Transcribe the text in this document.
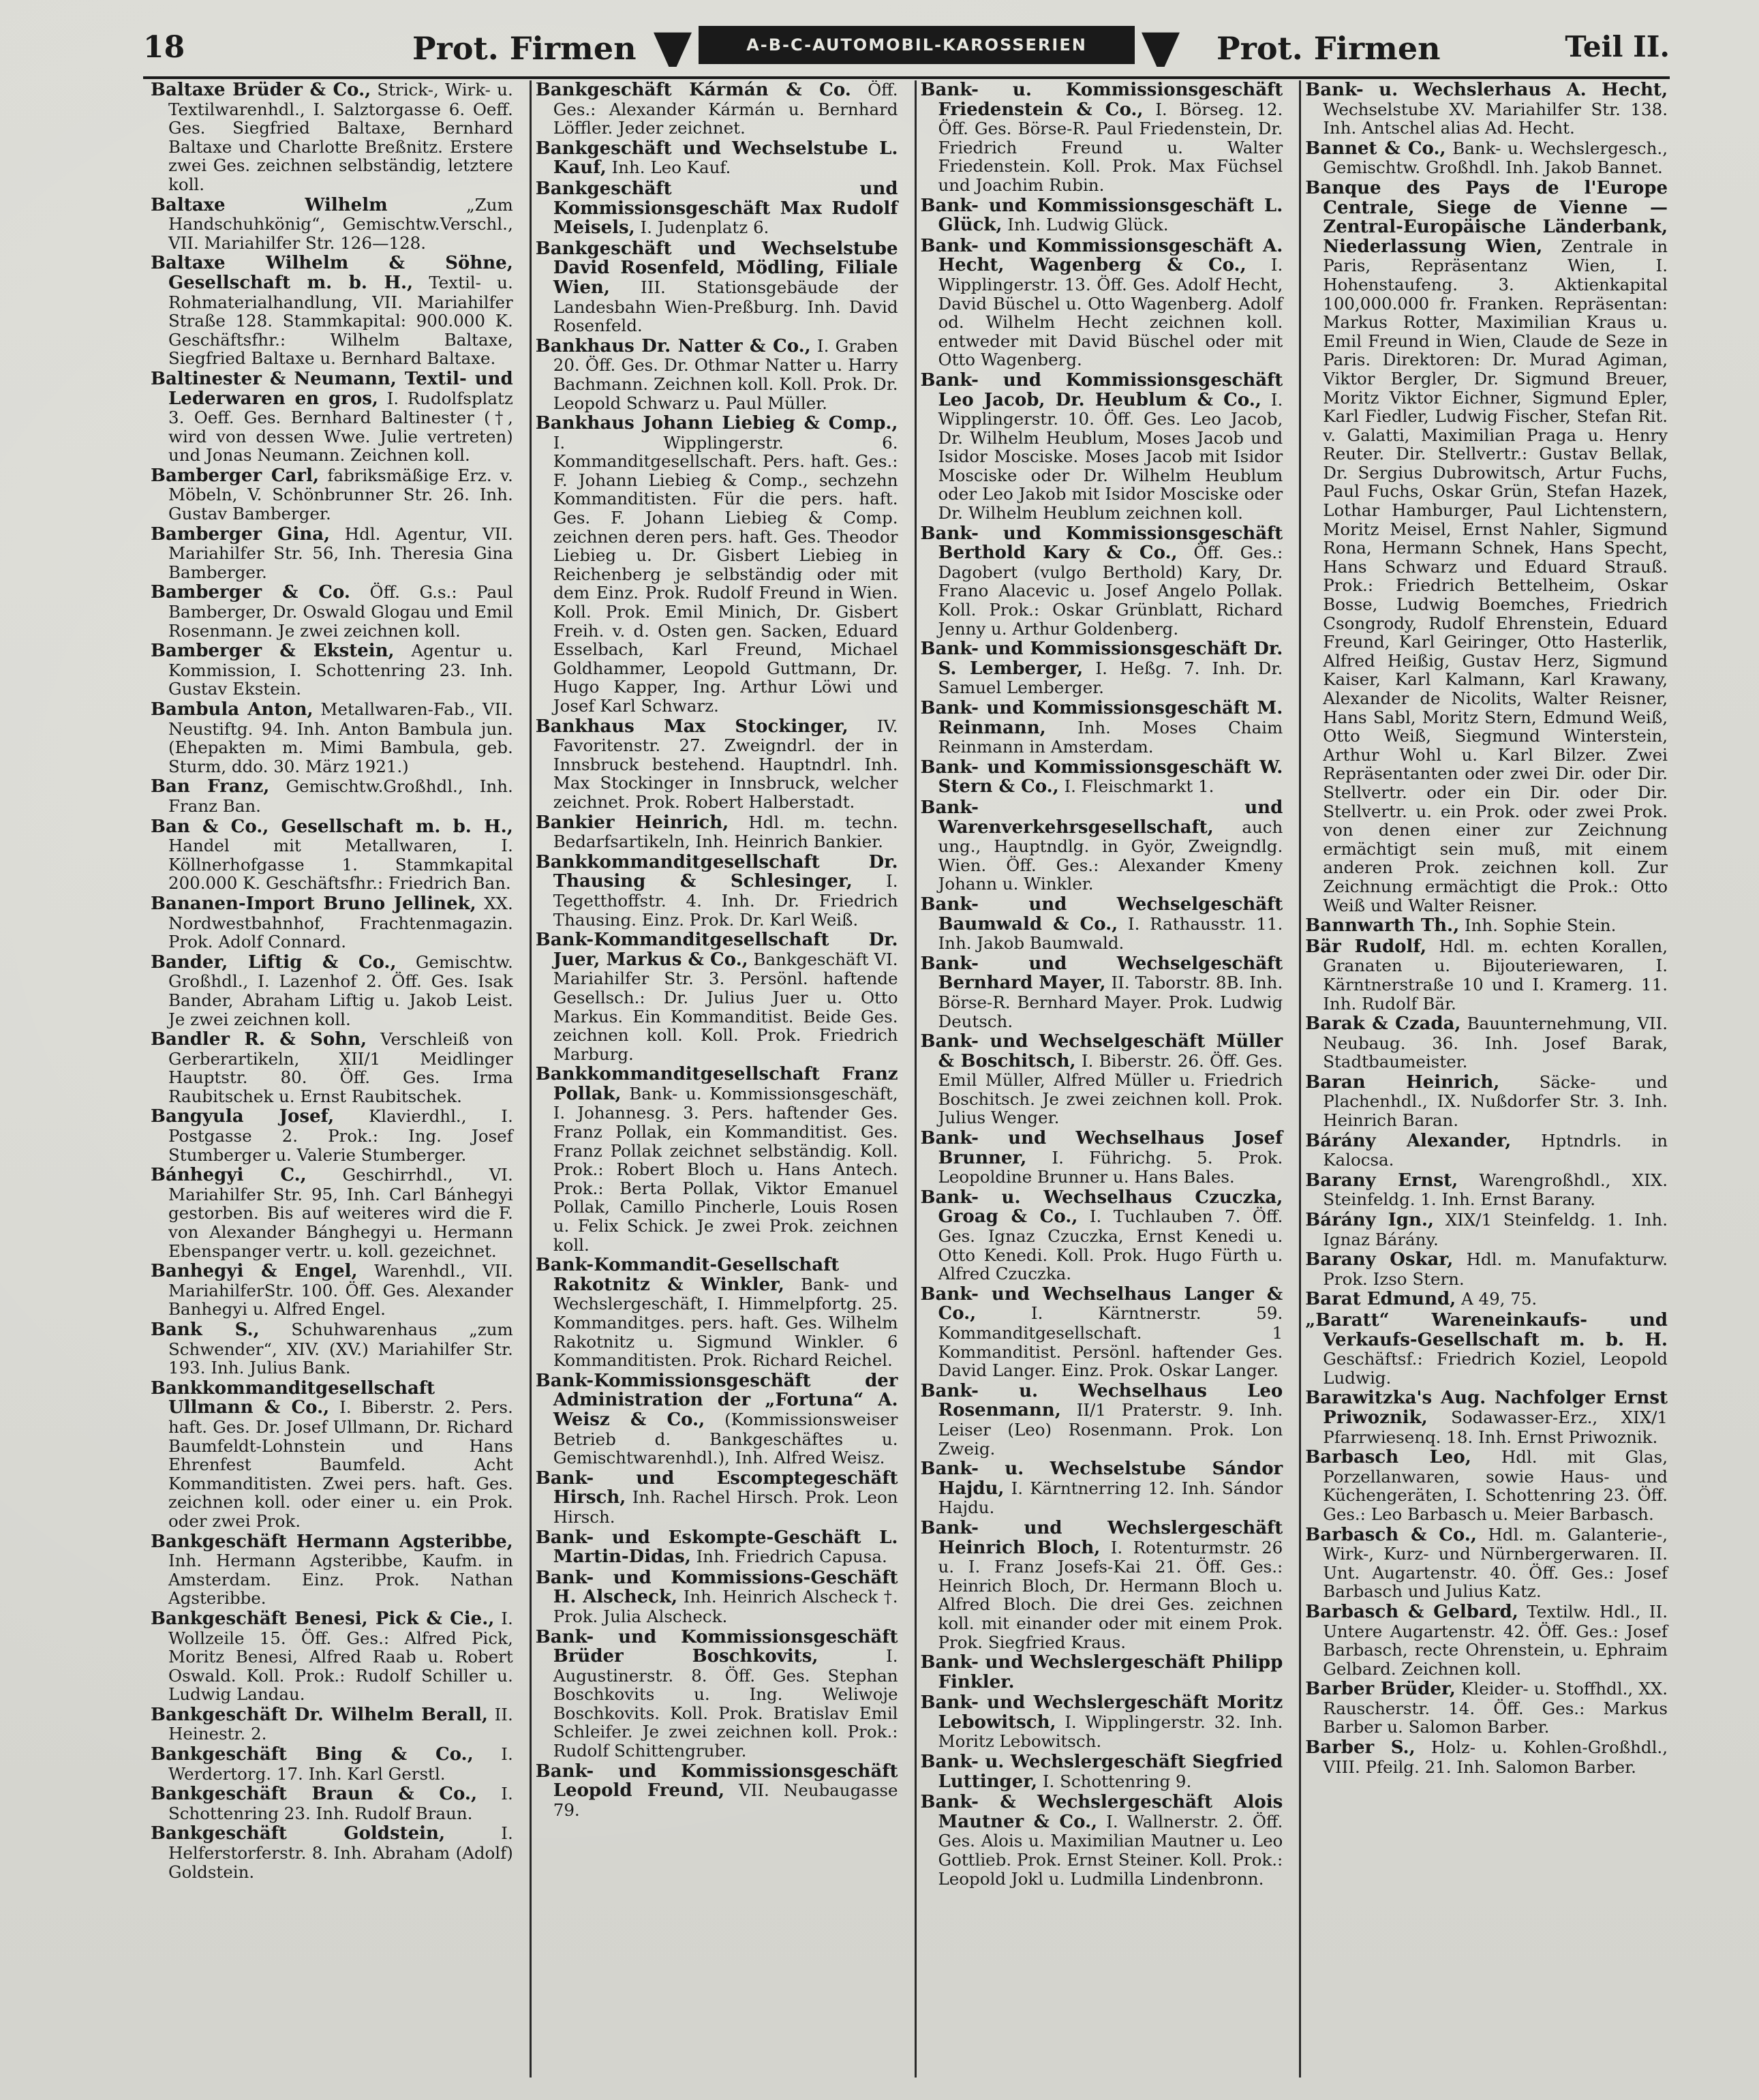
18	Prot. Firmen	A-B-C-AUTOMOBIL-KAROSSERIEN	Prot. Firmen	Teil II.

Baltaxe Brüder & Co., Strick-, Wirk- u. Textilwarenhdl., I. Salztorgasse 6. Oeff. Ges. Siegfried Baltaxe, Bernhard Baltaxe und Charlotte Breßnitz. Erstere zwei Ges. zeichnen selbständig, letztere koll.

Baltaxe Wilhelm „Zum Handschuhkönig“, Gemischtw.Verschl., VII. Mariahilfer Str. 126—128.

Baltaxe Wilhelm & Söhne, Gesellschaft m. b. H., Textil- u. Rohmaterialhandlung, VII. Mariahilfer Straße 128. Stammkapital: 900.000 K. Geschäftsfhr.: Wilhelm Baltaxe, Siegfried Baltaxe u. Bernhard Baltaxe.

Baltinester & Neumann, Textil- und Lederwaren en gros, I. Rudolfsplatz 3. Oeff. Ges. Bernhard Baltinester (†, wird von dessen Wwe. Julie vertreten) und Jonas Neumann. Zeichnen koll.

Bamberger Carl, fabriksmäßige Erz. v. Möbeln, V. Schönbrunner Str. 26. Inh. Gustav Bamberger.

Bamberger Gina, Hdl. Agentur, VII. Mariahilfer Str. 56, Inh. Theresia Gina Bamberger.

Bamberger & Co. Öff. G.s.: Paul Bamberger, Dr. Oswald Glogau und Emil Rosenmann. Je zwei zeichnen koll.

Bamberger & Ekstein, Agentur u. Kommission, I. Schottenring 23. Inh. Gustav Ekstein.

Bambula Anton, Metallwaren-Fab., VII. Neustiftg. 94. Inh. Anton Bambula jun. (Ehepakten m. Mimi Bambula, geb. Sturm, ddo. 30. März 1921.)

Ban Franz, Gemischtw.Großhdl., Inh. Franz Ban.

Ban & Co., Gesellschaft m. b. H., Handel mit Metallwaren, I. Köllnerhofgasse 1. Stammkapital 200.000 K. Geschäftsfhr.: Friedrich Ban.

Bananen-Import Bruno Jellinek, XX. Nordwestbahnhof, Frachtenmagazin. Prok. Adolf Connard.

Bander, Liftig & Co., Gemischtw. Großhdl., I. Lazenhof 2. Öff. Ges. Isak Bander, Abraham Liftig u. Jakob Leist. Je zwei zeichnen koll.

Bandler R. & Sohn, Verschleiß von Gerberartikeln, XII/1 Meidlinger Hauptstr. 80. Öff. Ges. Irma Raubitschek u. Ernst Raubitschek.

Bangyula Josef, Klavierdhl., I. Postgasse 2. Prok.: Ing. Josef Stumberger u. Valerie Stumberger.

Bánhegyi C., Geschirrhdl., VI. Mariahilfer Str. 95, Inh. Carl Bánhegyi gestorben. Bis auf weiteres wird die F. von Alexander Bánghegyi u. Hermann Ebenspanger vertr. u. koll. gezeichnet.

Banhegyi & Engel, Warenhdl., VII. MariahilferStr. 100. Öff. Ges. Alexander Banhegyi u. Alfred Engel.

Bank S., Schuhwarenhaus „zum Schwender“, XIV. (XV.) Mariahilfer Str. 193. Inh. Julius Bank.

Bankkommanditgesellschaft Ullmann & Co., I. Biberstr. 2. Pers. haft. Ges. Dr. Josef Ullmann, Dr. Richard Baumfeldt-Lohnstein und Hans Ehrenfest Baumfeld. Acht Kommanditisten. Zwei pers. haft. Ges. zeichnen koll. oder einer u. ein Prok. oder zwei Prok.

Bankgeschäft Hermann Agsteribbe, Inh. Hermann Agsteribbe, Kaufm. in Amsterdam. Einz. Prok. Nathan Agsteribbe.

Bankgeschäft Benesi, Pick & Cie., I. Wollzeile 15. Öff. Ges.: Alfred Pick, Moritz Benesi, Alfred Raab u. Robert Oswald. Koll. Prok.: Rudolf Schiller u. Ludwig Landau.

Bankgeschäft Dr. Wilhelm Berall, II. Heinestr. 2.

Bankgeschäft Bing & Co., I. Werdertorg. 17. Inh. Karl Gerstl.

Bankgeschäft Braun & Co., I. Schottenring 23. Inh. Rudolf Braun.

Bankgeschäft Goldstein, I. Helferstorferstr. 8. Inh. Abraham (Adolf) Goldstein.

Bankgeschäft Kármán & Co. Öff. Ges.: Alexander Kármán u. Bernhard Löffler. Jeder zeichnet.

Bankgeschäft und Wechselstube L. Kauf, Inh. Leo Kauf.

Bankgeschäft und Kommissionsgeschäft Max Rudolf Meisels, I. Judenplatz 6.

Bankgeschäft und Wechselstube David Rosenfeld, Mödling, Filiale Wien, III. Stationsgebäude der Landesbahn Wien-Preßburg. Inh. David Rosenfeld.

Bankhaus Dr. Natter & Co., I. Graben 20. Öff. Ges. Dr. Othmar Natter u. Harry Bachmann. Zeichnen koll. Koll. Prok. Dr. Leopold Schwarz u. Paul Müller.

Bankhaus Johann Liebieg & Comp., I. Wipplingerstr. 6. Kommanditgesellschaft. Pers. haft. Ges.: F. Johann Liebieg & Comp., sechzehn Kommanditisten. Für die pers. haft. Ges. F. Johann Liebieg & Comp. zeichnen deren pers. haft. Ges. Theodor Liebieg u. Dr. Gisbert Liebieg in Reichenberg je selbständig oder mit dem Einz. Prok. Rudolf Freund in Wien. Koll. Prok. Emil Minich, Dr. Gisbert Freih. v. d. Osten gen. Sacken, Eduard Esselbach, Karl Freund, Michael Goldhammer, Leopold Guttmann, Dr. Hugo Kapper, Ing. Arthur Löwi und Josef Karl Schwarz.

Bankhaus Max Stockinger, IV. Favoritenstr. 27. Zweigndrl. der in Innsbruck bestehend. Hauptndrl. Inh. Max Stockinger in Innsbruck, welcher zeichnet. Prok. Robert Halberstadt.

Bankier Heinrich, Hdl. m. techn. Bedarfsartikeln, Inh. Heinrich Bankier.

Bankkommanditgesellschaft Dr. Thausing & Schlesinger, I. Tegetthoffstr. 4. Inh. Dr. Friedrich Thausing. Einz. Prok. Dr. Karl Weiß.

Bank-Kommanditgesellschaft Dr. Juer, Markus & Co., Bankgeschäft VI. Mariahilfer Str. 3. Persönl. haftende Gesellsch.: Dr. Julius Juer u. Otto Markus. Ein Kommanditist. Beide Ges. zeichnen koll. Koll. Prok. Friedrich Marburg.

Bankkommanditgesellschaft Franz Pollak, Bank- u. Kommissionsgeschäft, I. Johannesg. 3. Pers. haftender Ges. Franz Pollak, ein Kommanditist. Ges. Franz Pollak zeichnet selbständig. Koll. Prok.: Robert Bloch u. Hans Antech. Prok.: Berta Pollak, Viktor Emanuel Pollak, Camillo Pincherle, Louis Rosen u. Felix Schick. Je zwei Prok. zeichnen koll.

Bank-Kommandit-Gesellschaft Rakotnitz & Winkler, Bank- und Wechslergeschäft, I. Himmelpfortg. 25. Kommanditges. pers. haft. Ges. Wilhelm Rakotnitz u. Sigmund Winkler. 6 Kommanditisten. Prok. Richard Reichel.

Bank-Kommissionsgeschäft der Administration der „Fortuna“ A. Weisz & Co., (Kommissionsweiser Betrieb d. Bankgeschäftes u. Gemischtwarenhdl.), Inh. Alfred Weisz.

Bank- und Escomptegeschäft Hirsch, Inh. Rachel Hirsch. Prok. Leon Hirsch.

Bank- und Eskompte-Geschäft L. Martin-Didas, Inh. Friedrich Capusa.

Bank- und Kommissions-Geschäft H. Alscheck, Inh. Heinrich Alscheck †. Prok. Julia Alscheck.

Bank- und Kommissionsgeschäft Brüder Boschkovits, I. Augustinerstr. 8. Öff. Ges. Stephan Boschkovits u. Ing. Weliwoje Boschkovits. Koll. Prok. Bratislav Emil Schleifer. Je zwei zeichnen koll. Prok.: Rudolf Schittengruber.

Bank- und Kommissionsgeschäft Leopold Freund, VII. Neubaugasse 79.

Bank- u. Kommissionsgeschäft Friedenstein & Co., I. Börseg. 12. Öff. Ges. Börse-R. Paul Friedenstein, Dr. Friedrich Freund u. Walter Friedenstein. Koll. Prok. Max Füchsel und Joachim Rubin.

Bank- und Kommissionsgeschäft L. Glück, Inh. Ludwig Glück.

Bank- und Kommissionsgeschäft A. Hecht, Wagenberg & Co., I. Wipplingerstr. 13. Öff. Ges. Adolf Hecht, David Büschel u. Otto Wagenberg. Adolf od. Wilhelm Hecht zeichnen koll. entweder mit David Büschel oder mit Otto Wagenberg.

Bank- und Kommissionsgeschäft Leo Jacob, Dr. Heublum & Co., I. Wipplingerstr. 10. Öff. Ges. Leo Jacob, Dr. Wilhelm Heublum, Moses Jacob und Isidor Mosciske. Moses Jacob mit Isidor Mosciske oder Dr. Wilhelm Heublum oder Leo Jakob mit Isidor Mosciske oder Dr. Wilhelm Heublum zeichnen koll.

Bank- und Kommissionsgeschäft Berthold Kary & Co., Öff. Ges.: Dagobert (vulgo Berthold) Kary, Dr. Frano Alacevic u. Josef Angelo Pollak. Koll. Prok.: Oskar Grünblatt, Richard Jenny u. Arthur Goldenberg.

Bank- und Kommissionsgeschäft Dr. S. Lemberger, I. Heßg. 7. Inh. Dr. Samuel Lemberger.

Bank- und Kommissionsgeschäft M. Reinmann, Inh. Moses Chaim Reinmann in Amsterdam.

Bank- und Kommissionsgeschäft W. Stern & Co., I. Fleischmarkt 1.

Bank- und Warenverkehrsgesellschaft, auch ung., Hauptndlg. in Györ, Zweigndlg. Wien. Öff. Ges.: Alexander Kmeny Johann u. Winkler.

Bank- und Wechselgeschäft Baumwald & Co., I. Rathausstr. 11. Inh. Jakob Baumwald.

Bank- und Wechselgeschäft Bernhard Mayer, II. Taborstr. 8B. Inh. Börse-R. Bernhard Mayer. Prok. Ludwig Deutsch.

Bank- und Wechselgeschäft Müller & Boschitsch, I. Biberstr. 26. Öff. Ges. Emil Müller, Alfred Müller u. Friedrich Boschitsch. Je zwei zeichnen koll. Prok. Julius Wenger.

Bank- und Wechselhaus Josef Brunner, I. Führichg. 5. Prok. Leopoldine Brunner u. Hans Bales.

Bank- u. Wechselhaus Czuczka, Groag & Co., I. Tuchlauben 7. Öff. Ges. Ignaz Czuczka, Ernst Kenedi u. Otto Kenedi. Koll. Prok. Hugo Fürth u. Alfred Czuczka.

Bank- und Wechselhaus Langer & Co., I. Kärntnerstr. 59. Kommanditgesellschaft. 1 Kommanditist. Persönl. haftender Ges. David Langer. Einz. Prok. Oskar Langer.

Bank- u. Wechselhaus Leo Rosenmann, II/1 Praterstr. 9. Inh. Leiser (Leo) Rosenmann. Prok. Lon Zweig.

Bank- u. Wechselstube Sándor Hajdu, I. Kärntnerring 12. Inh. Sándor Hajdu.

Bank- und Wechslergeschäft Heinrich Bloch, I. Rotenturmstr. 26 u. I. Franz Josefs-Kai 21. Öff. Ges.: Heinrich Bloch, Dr. Hermann Bloch u. Alfred Bloch. Die drei Ges. zeichnen koll. mit einander oder mit einem Prok. Prok. Siegfried Kraus.

Bank- und Wechslergeschäft Philipp Finkler.

Bank- und Wechslergeschäft Moritz Lebowitsch, I. Wipplingerstr. 32. Inh. Moritz Lebowitsch.

Bank- u. Wechslergeschäft Siegfried Luttinger, I. Schottenring 9.

Bank- & Wechslergeschäft Alois Mautner & Co., I. Wallnerstr. 2. Öff. Ges. Alois u. Maximilian Mautner u. Leo Gottlieb. Prok. Ernst Steiner. Koll. Prok.: Leopold Jokl u. Ludmilla Lindenbronn.

Bank- u. Wechslerhaus A. Hecht, Wechselstube XV. Mariahilfer Str. 138. Inh. Antschel alias Ad. Hecht.

Bannet & Co., Bank- u. Wechslergesch., Gemischtw. Großhdl. Inh. Jakob Bannet.

Banque des Pays de l'Europe Centrale, Siege de Vienne — Zentral-Europäische Länderbank, Niederlassung Wien, Zentrale in Paris, Repräsentanz Wien, I. Hohenstaufeng. 3. Aktienkapital 100,000.000 fr. Franken. Repräsentan: Markus Rotter, Maximilian Kraus u. Emil Freund in Wien, Claude de Seze in Paris. Direktoren: Dr. Murad Agiman, Viktor Bergler, Dr. Sigmund Breuer, Moritz Viktor Eichner, Sigmund Epler, Karl Fiedler, Ludwig Fischer, Stefan Rit. v. Galatti, Maximilian Praga u. Henry Reuter. Dir. Stellvertr.: Gustav Bellak, Dr. Sergius Dubrowitsch, Artur Fuchs, Paul Fuchs, Oskar Grün, Stefan Hazek, Lothar Hamburger, Paul Lichtenstern, Moritz Meisel, Ernst Nahler, Sigmund Rona, Hermann Schnek, Hans Specht, Hans Schwarz und Eduard Strauß. Prok.: Friedrich Bettelheim, Oskar Bosse, Ludwig Boemches, Friedrich Csongrody, Rudolf Ehrenstein, Eduard Freund, Karl Geiringer, Otto Hasterlik, Alfred Heißig, Gustav Herz, Sigmund Kaiser, Karl Kalmann, Karl Krawany, Alexander de Nicolits, Walter Reisner, Hans Sabl, Moritz Stern, Edmund Weiß, Otto Weiß, Siegmund Winterstein, Arthur Wohl u. Karl Bilzer. Zwei Repräsentanten oder zwei Dir. oder Dir. Stellvertr. oder ein Dir. oder Dir. Stellvertr. u. ein Prok. oder zwei Prok. von denen einer zur Zeichnung ermächtigt sein muß, mit einem anderen Prok. zeichnen koll. Zur Zeichnung ermächtigt die Prok.: Otto Weiß und Walter Reisner.

Bannwarth Th., Inh. Sophie Stein.

Bär Rudolf, Hdl. m. echten Korallen, Granaten u. Bijouteriewaren, I. Kärntnerstraße 10 und I. Kramerg. 11. Inh. Rudolf Bär.

Barak & Czada, Bauunternehmung, VII. Neubaug. 36. Inh. Josef Barak, Stadtbaumeister.

Baran Heinrich, Säcke- und Plachenhdl., IX. Nußdorfer Str. 3. Inh. Heinrich Baran.

Bárány Alexander, Hptndrls. in Kalocsa.

Barany Ernst, Warengroßhdl., XIX. Steinfeldg. 1. Inh. Ernst Barany.

Bárány Ign., XIX/1 Steinfeldg. 1. Inh. Ignaz Bárány.

Barany Oskar, Hdl. m. Manufakturw. Prok. Izso Stern.

Barat Edmund, A 49, 75.

„Baratt“ Wareneinkaufs- und Verkaufs-Gesellschaft m. b. H. Geschäftsf.: Friedrich Koziel, Leopold Ludwig.

Barawitzka's Aug. Nachfolger Ernst Priwoznik, Sodawasser-Erz., XIX/1 Pfarrwiesenq. 18. Inh. Ernst Priwoznik.

Barbasch Leo, Hdl. mit Glas, Porzellanwaren, sowie Haus- und Küchengeräten, I. Schottenring 23. Öff. Ges.: Leo Barbasch u. Meier Barbasch.

Barbasch & Co., Hdl. m. Galanterie-, Wirk-, Kurz- und Nürnbergerwaren. II. Unt. Augartenstr. 40. Öff. Ges.: Josef Barbasch und Julius Katz.

Barbasch & Gelbard, Textilw. Hdl., II. Untere Augartenstr. 42. Öff. Ges.: Josef Barbasch, recte Ohrenstein, u. Ephraim Gelbard. Zeichnen koll.

Barber Brüder, Kleider- u. Stoffhdl., XX. Rauscherstr. 14. Öff. Ges.: Markus Barber u. Salomon Barber.

Barber S., Holz- u. Kohlen-Großhdl., VIII. Pfeilg. 21. Inh. Salomon Barber.
